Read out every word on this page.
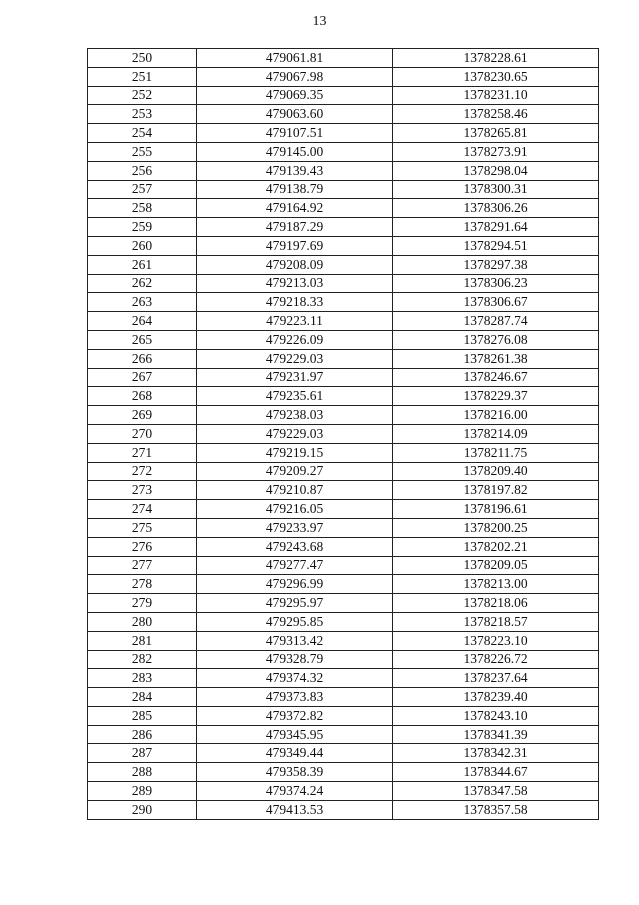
13
250	479061.81	1378228.61
251	479067.98	1378230.65
252	479069.35	1378231.10
253	479063.60	1378258.46
254	479107.51	1378265.81
255	479145.00	1378273.91
256	479139.43	1378298.04
257	479138.79	1378300.31
258	479164.92	1378306.26
259	479187.29	1378291.64
260	479197.69	1378294.51
261	479208.09	1378297.38
262	479213.03	1378306.23
263	479218.33	1378306.67
264	479223.11	1378287.74
265	479226.09	1378276.08
266	479229.03	1378261.38
267	479231.97	1378246.67
268	479235.61	1378229.37
269	479238.03	1378216.00
270	479229.03	1378214.09
271	479219.15	1378211.75
272	479209.27	1378209.40
273	479210.87	1378197.82
274	479216.05	1378196.61
275	479233.97	1378200.25
276	479243.68	1378202.21
277	479277.47	1378209.05
278	479296.99	1378213.00
279	479295.97	1378218.06
280	479295.85	1378218.57
281	479313.42	1378223.10
282	479328.79	1378226.72
283	479374.32	1378237.64
284	479373.83	1378239.40
285	479372.82	1378243.10
286	479345.95	1378341.39
287	479349.44	1378342.31
288	479358.39	1378344.67
289	479374.24	1378347.58
290	479413.53	1378357.58
